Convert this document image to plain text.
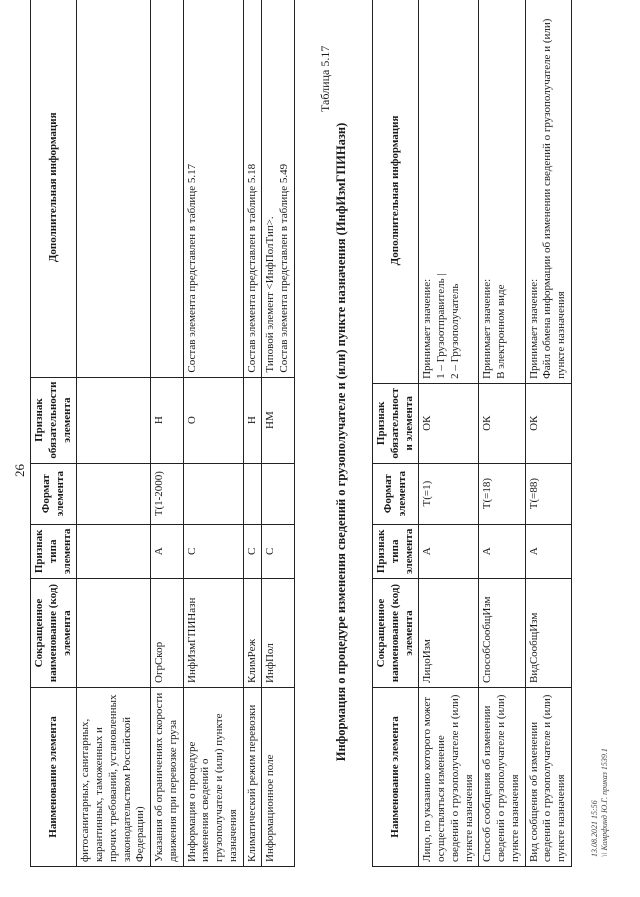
26
Наименование элемента	Сокращенное наименование (код) элемента	Признак типа элемента	Формат элемента	Признак обязательности элемента	Дополнительная информация
фитосанитарных, санитарных, карантинных, таможенных и прочих требований, установленных законодательством Российской Федерации)					
Указания об ограничениях скорости движения при перевозке груза	ОгрСкор	А	Т(1-2000)	Н	
Информация о процедуре изменения сведений о грузополучателе и (или) пункте назначения	ИнфИзмГПИНазн	С		О	Состав элемента представлен в таблице 5.17
Климатический режим перевозки	КлимРеж	С		Н	Состав элемента представлен в таблице 5.18
Информационное поле	ИнфПол	С		НМ	Типовой элемент <ИнфПолТип>. Состав элемента представлен в таблице 5.49
Таблица 5.17
Информация о процедуре изменения сведений о грузополучателе и (или) пункте назначения (ИнфИзмГПИНазн)
Наименование элемента	Сокращенное наименование (код) элемента	Признак типа элемента	Формат элемента	Признак обязательност и элемента	Дополнительная информация
Лицо, по указанию которого может осуществляться изменение сведений о грузополучателе и (или) пункте назначения	ЛицоИзм	А	Т(=1)	ОК	Принимает значение: 1 – Грузоотправитель | 2 – Грузополучатель

Способ сообщения об изменении сведений о грузополучателе и (или) пункте назначения	СпособСообщИзм	А	Т(=18)	ОК	Принимает значение: В электронном виде

Вид сообщения об изменении сведений о грузополучателе и (или) пункте назначения	ВидСообщИзм	А	Т(=88)	ОК	Принимает значение: Файл обмена информации об изменении сведений о грузополучателе и (или) пункте назначения
13.08.2021 15:56 \\ Комрфинд Ю.Г. приказ 1539.1
